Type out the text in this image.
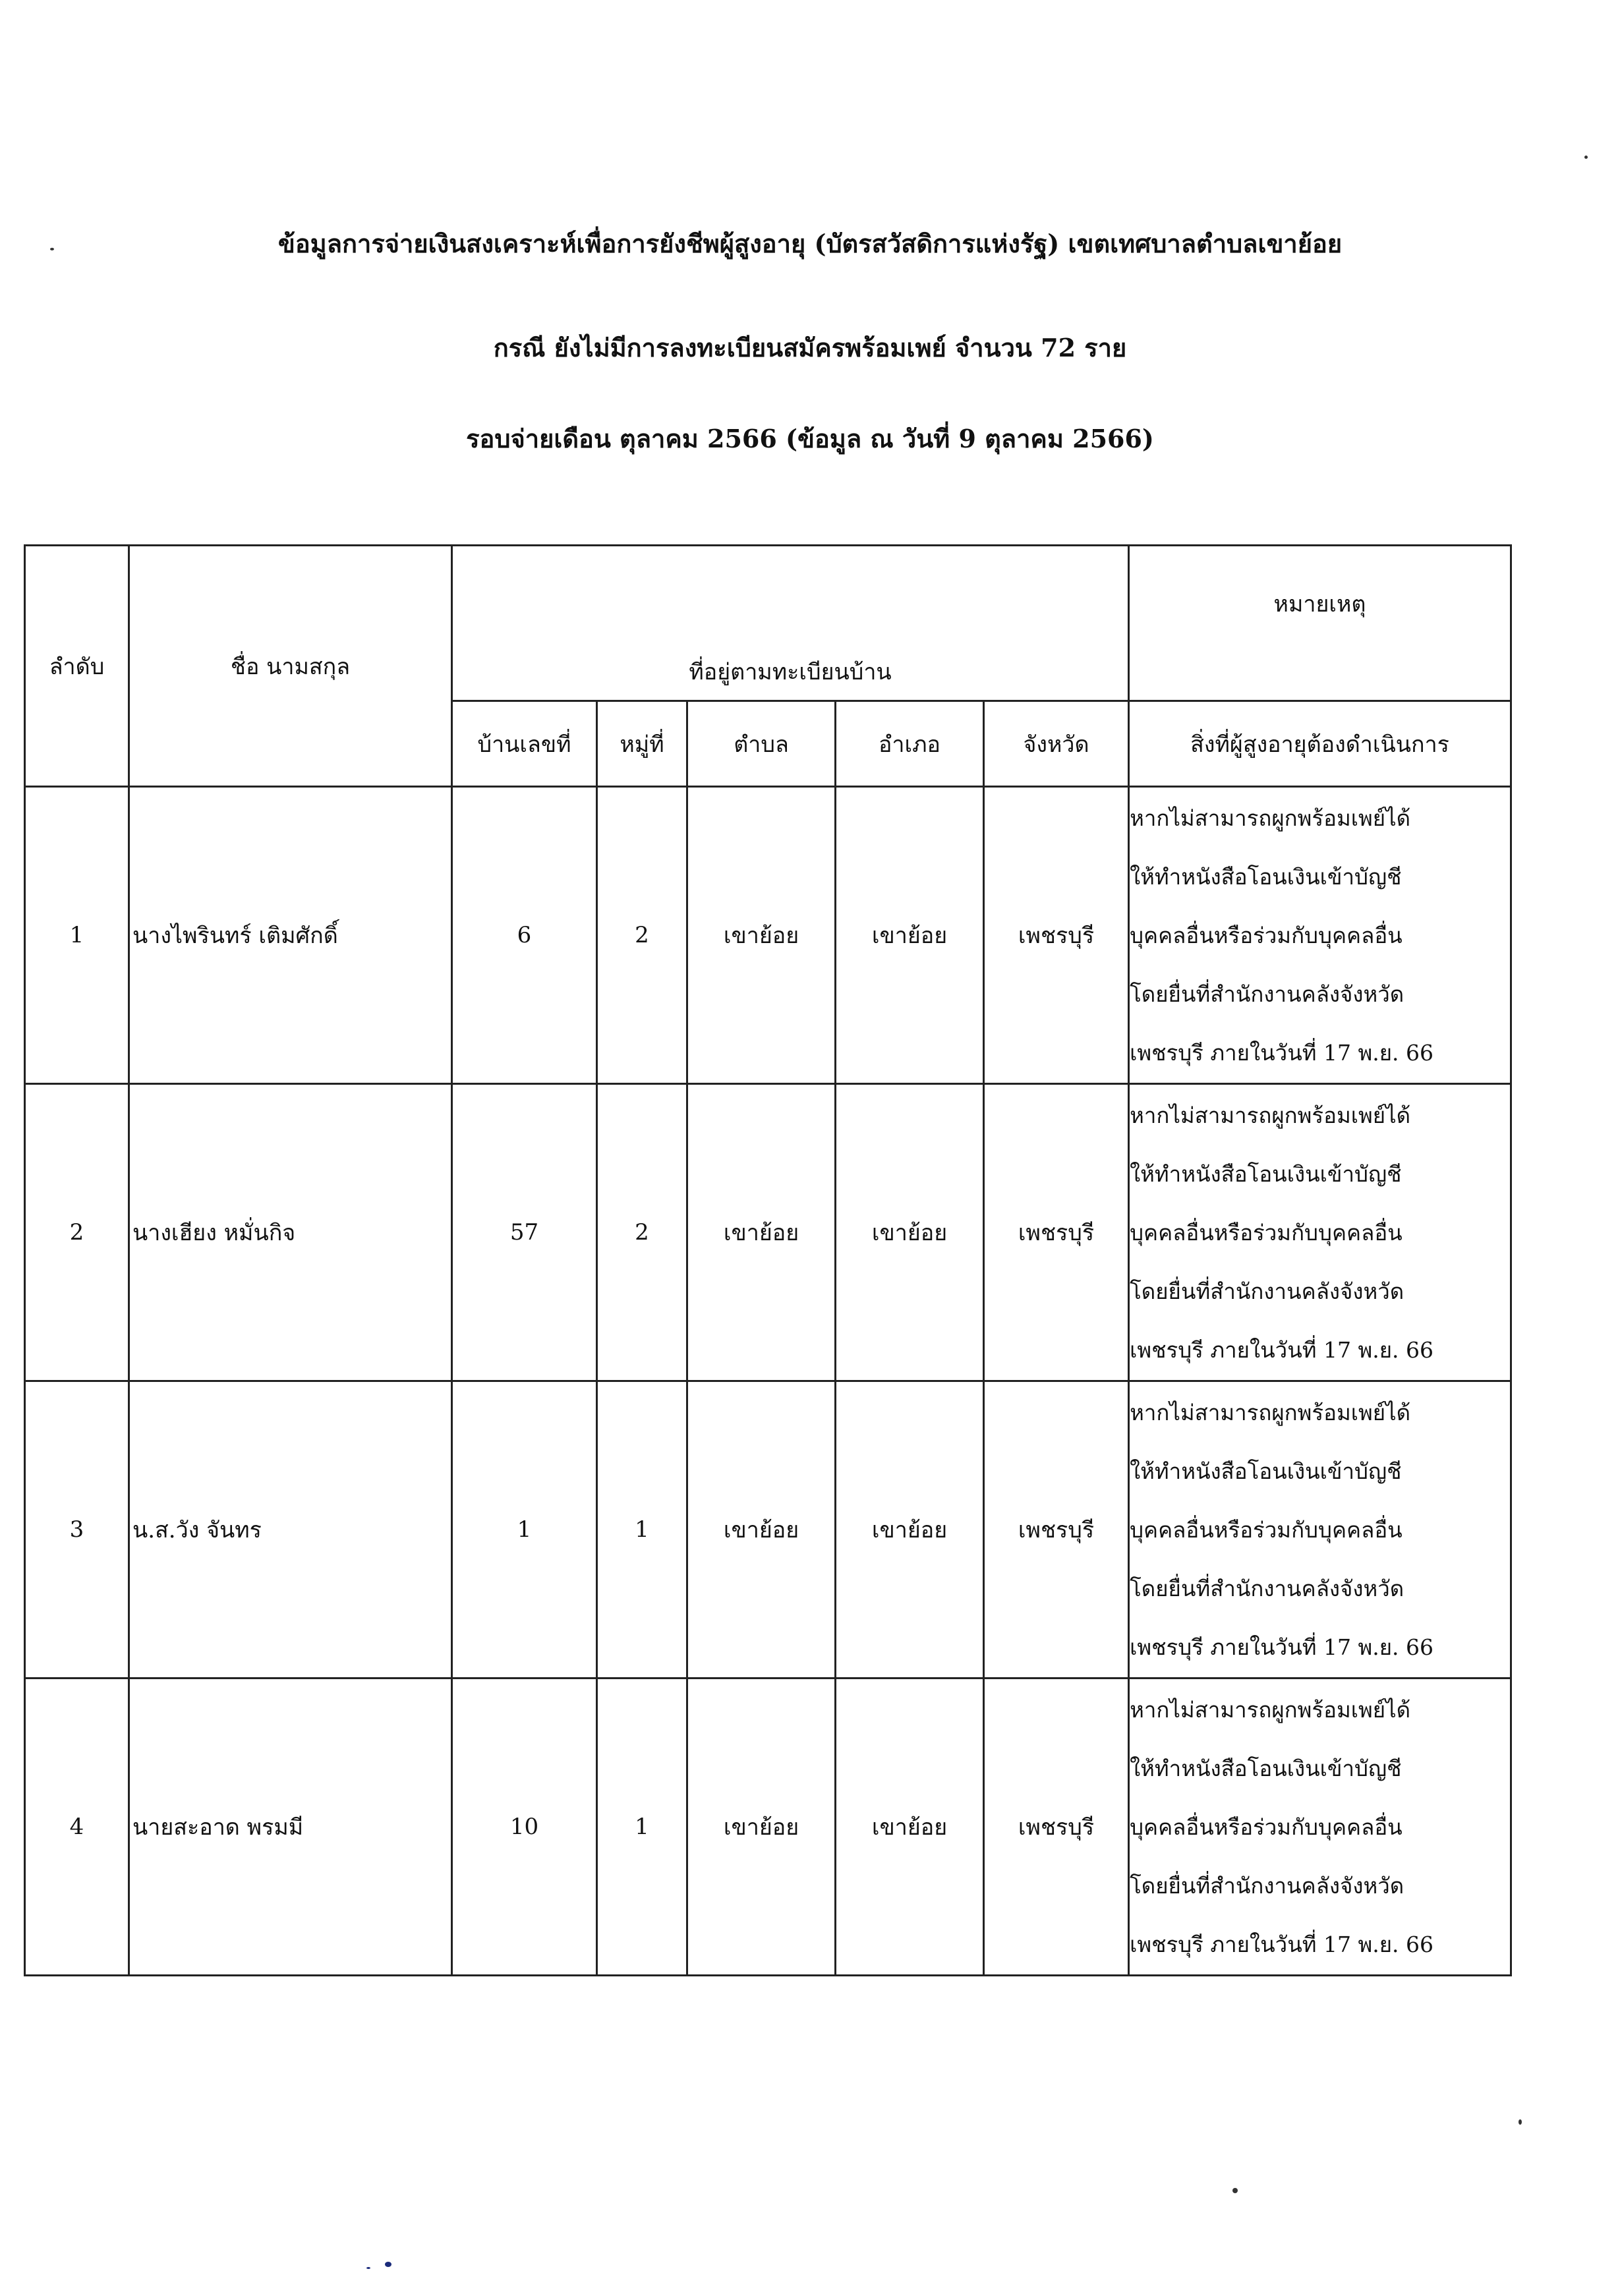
ข้อมูลการจ่ายเงินสงเคราะห์เพื่อการยังชีพผู้สูงอายุ (บัตรสวัสดิการแห่งรัฐ) เขตเทศบาลตำบลเขาย้อย
กรณี ยังไม่มีการลงทะเบียนสมัครพร้อมเพย์ จำนวน 72 ราย
รอบจ่ายเดือน ตุลาคม 2566 (ข้อมูล ณ วันที่ 9 ตุลาคม 2566)
ลำดับ	ชื่อ นามสกุล	ที่อยู่ตามทะเบียนบ้าน					หมายเหตุ
		บ้านเลขที่	หมู่ที่	ตำบล	อำเภอ	จังหวัด	สิ่งที่ผู้สูงอายุต้องดำเนินการ
1	นางไพรินทร์ เติมศักดิ์	6	2	เขาย้อย	เขาย้อย	เพชรบุรี	หากไม่สามารถผูกพร้อมเพย์ได้
ให้ทำหนังสือโอนเงินเข้าบัญชี
บุคคลอื่นหรือร่วมกับบุคคลอื่น
โดยยื่นที่สำนักงานคลังจังหวัด
เพชรบุรี ภายในวันที่ 17 พ.ย. 66

2	นางเฮียง หมั่นกิจ	57	2	เขาย้อย	เขาย้อย	เพชรบุรี	หากไม่สามารถผูกพร้อมเพย์ได้
ให้ทำหนังสือโอนเงินเข้าบัญชี
บุคคลอื่นหรือร่วมกับบุคคลอื่น
โดยยื่นที่สำนักงานคลังจังหวัด
เพชรบุรี ภายในวันที่ 17 พ.ย. 66

3	น.ส.วัง จันทร	1	1	เขาย้อย	เขาย้อย	เพชรบุรี	หากไม่สามารถผูกพร้อมเพย์ได้
ให้ทำหนังสือโอนเงินเข้าบัญชี
บุคคลอื่นหรือร่วมกับบุคคลอื่น
โดยยื่นที่สำนักงานคลังจังหวัด
เพชรบุรี ภายในวันที่ 17 พ.ย. 66

4	นายสะอาด พรมมี	10	1	เขาย้อย	เขาย้อย	เพชรบุรี	หากไม่สามารถผูกพร้อมเพย์ได้
ให้ทำหนังสือโอนเงินเข้าบัญชี
บุคคลอื่นหรือร่วมกับบุคคลอื่น
โดยยื่นที่สำนักงานคลังจังหวัด
เพชรบุรี ภายในวันที่ 17 พ.ย. 66
